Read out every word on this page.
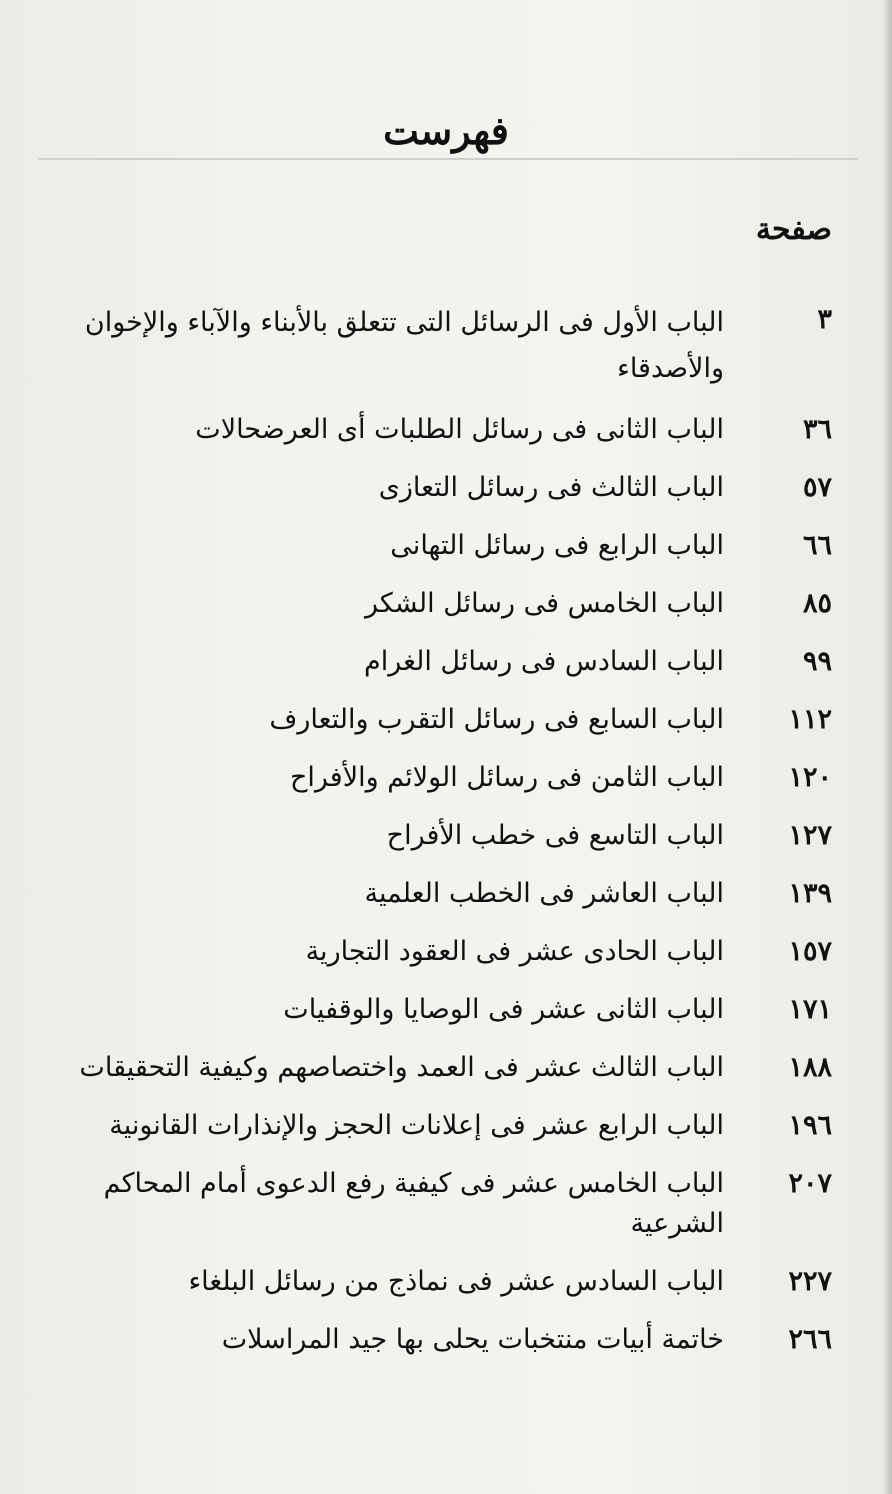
فهرست
صفحة
٣
الباب الأول فى الرسائل التى تتعلق بالأبناء والآباء والإخوان والأصدقاء
٣٦
الباب الثانى فى رسائل الطلبات أى العرضحالات
٥٧
الباب الثالث فى رسائل التعازى
٦٦
الباب الرابع فى رسائل التهانى
٨٥
الباب الخامس فى رسائل الشكر
٩٩
الباب السادس فى رسائل الغرام
١١٢
الباب السابع فى رسائل التقرب والتعارف
١٢٠
الباب الثامن فى رسائل الولائم والأفراح
١٢٧
الباب التاسع فى خطب الأفراح
١٣٩
الباب العاشر فى الخطب العلمية
١٥٧
الباب الحادى عشر فى العقود التجارية
١٧١
الباب الثانى عشر فى الوصايا والوقفيات
١٨٨
الباب الثالث عشر فى العمد واختصاصهم وكيفية التحقيقات
١٩٦
الباب الرابع عشر فى إعلانات الحجز والإنذارات القانونية
٢٠٧
الباب الخامس عشر فى كيفية رفع الدعوى أمام المحاكم الشرعية
٢٢٧
الباب السادس عشر فى نماذج من رسائل البلغاء
٢٦٦
خاتمة أبيات منتخبات يحلى بها جيد المراسلات
